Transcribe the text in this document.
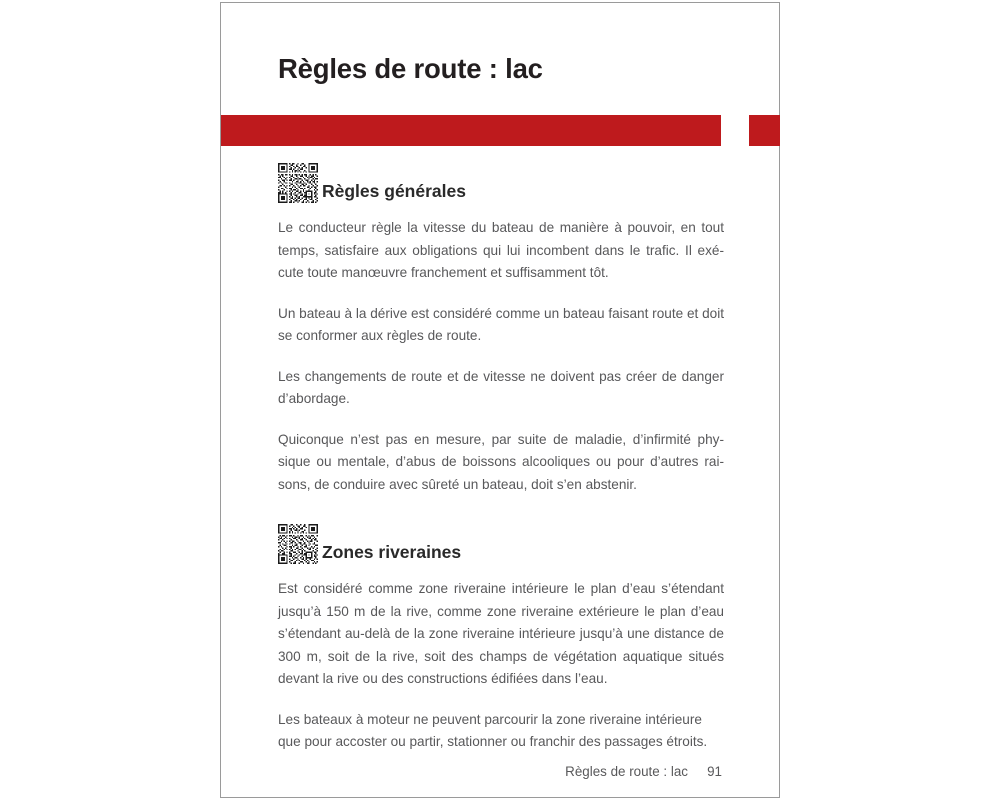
Règles de route : lac
Règles générales

Le conducteur règle la vitesse du bateau de manière à pouvoir, en tout temps, satisfaire aux obligations qui lui incombent dans le trafic. Il exé-cute toute manœuvre franchement et suffisamment tôt.

Un bateau à la dérive est considéré comme un bateau faisant route et doit se conformer aux règles de route.

Les changements de route et de vitesse ne doivent pas créer de danger d’abordage.

Quiconque n’est pas en mesure, par suite de maladie, d’infirmité phy-sique ou mentale, d’abus de boissons alcooliques ou pour d’autres rai-sons, de conduire avec sûreté un bateau, doit s’en abstenir.

Zones riveraines

Est considéré comme zone riveraine intérieure le plan d’eau s’étendant jusqu’à 150 m de la rive, comme zone riveraine extérieure le plan d’eau s’étendant au-delà de la zone riveraine intérieure jusqu’à une distance de 300 m, soit de la rive, soit des champs de végétation aquatique situés devant la rive ou des constructions édifiées dans l’eau.

Les bateaux à moteur ne peuvent parcourir la zone riveraine intérieure que pour accoster ou partir, stationner ou franchir des passages étroits.

Règles de route : lac 91
